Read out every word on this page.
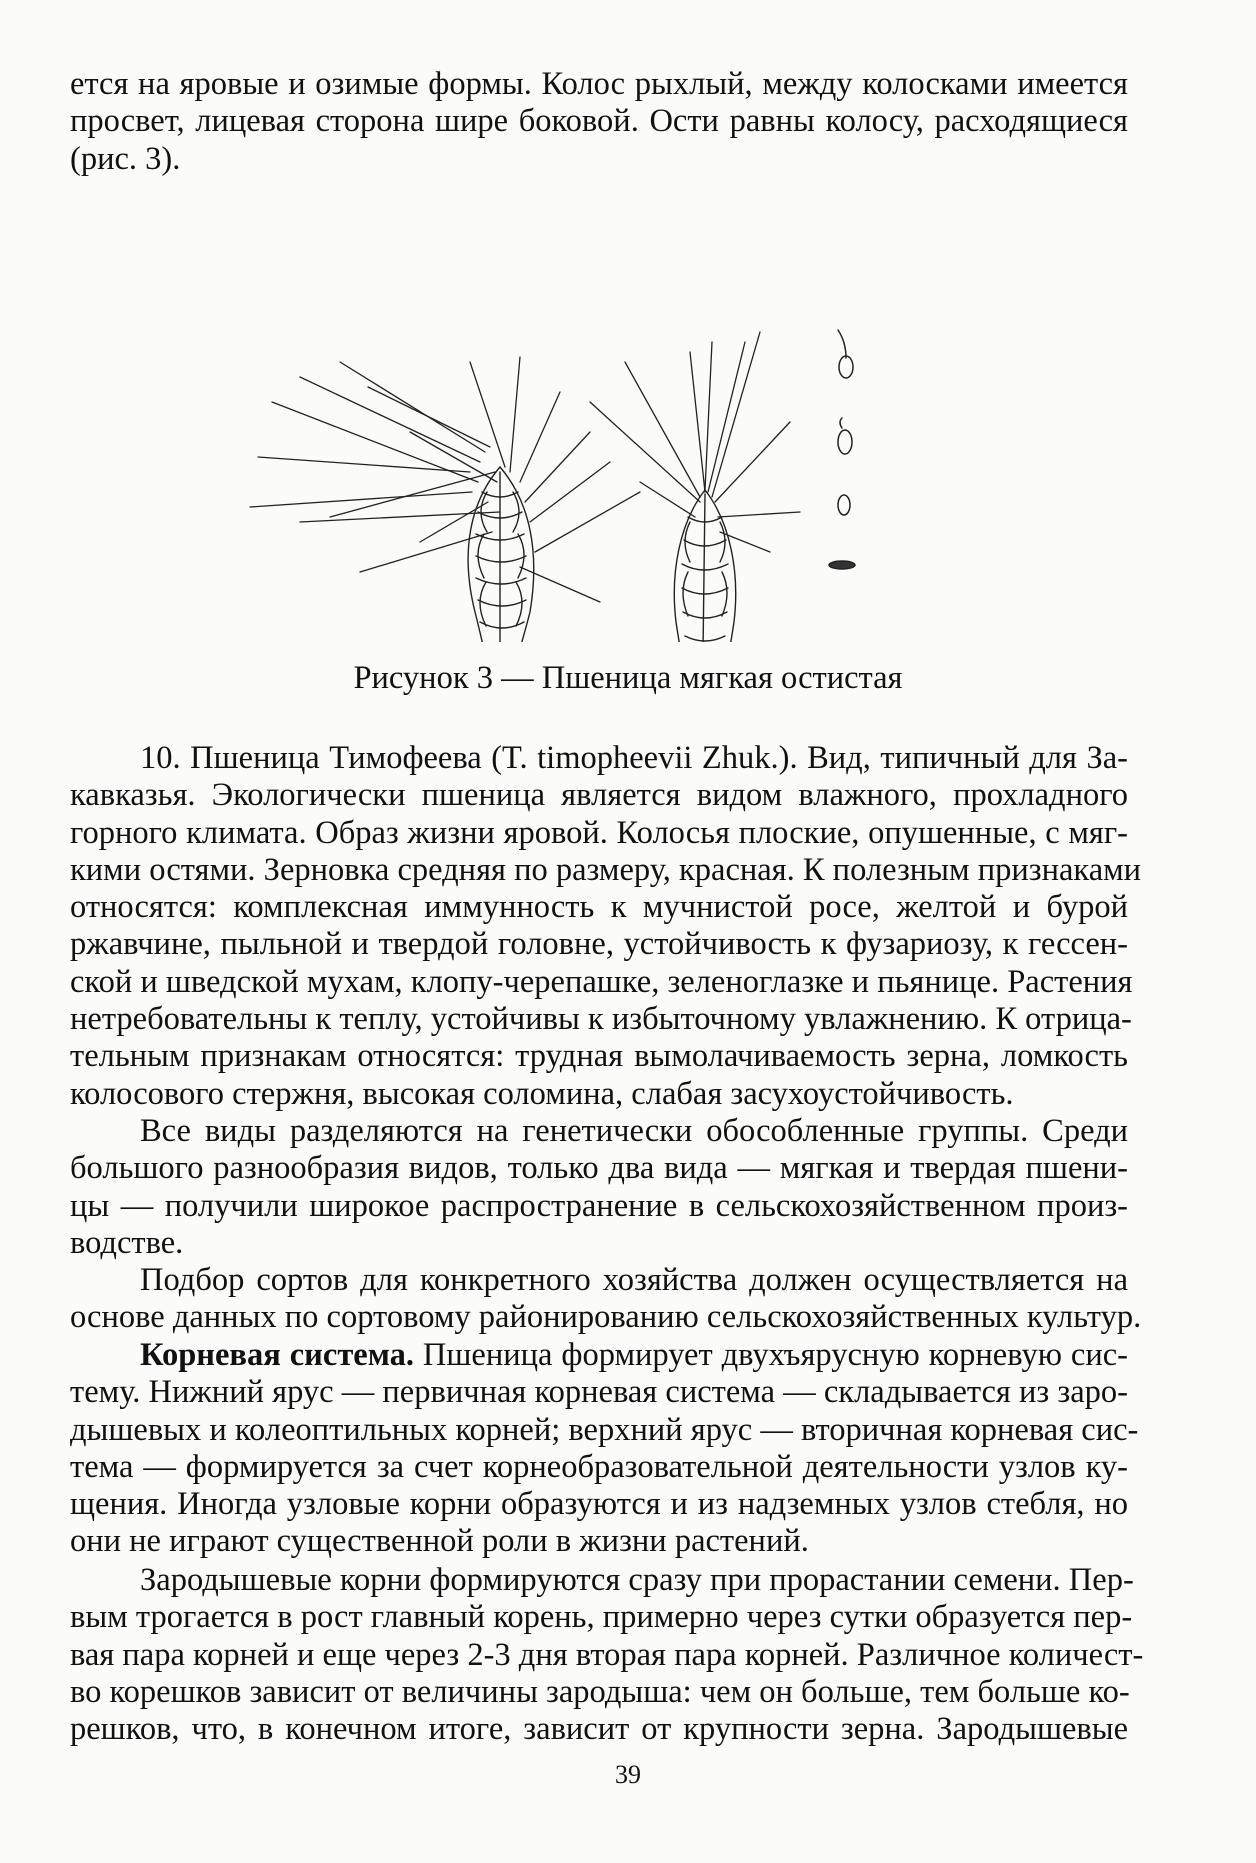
ется на яровые и озимые формы. Колос рыхлый, между колосками имеется
просвет, лицевая сторона шире боковой. Ости равны колосу, расходящиеся
(рис. 3).

Рисунок 3 — Пшеница мягкая остистая

10. Пшеница Тимофеева (T. timopheevii Zhuk.). Вид, типичный для За-
кавказья. Экологически пшеница является видом влажного, прохладного
горного климата. Образ жизни яровой. Колосья плоские, опушенные, с мяг-
кими остями. Зерновка средняя по размеру, красная. К полезным признаками
относятся: комплексная иммунность к мучнистой росе, желтой и бурой
ржавчине, пыльной и твердой головне, устойчивость к фузариозу, к гессен-
ской и шведской мухам, клопу-черепашке, зеленоглазке и пьянице. Растения
нетребовательны к теплу, устойчивы к избыточному увлажнению. К отрица-
тельным признакам относятся: трудная вымолачиваемость зерна, ломкость
колосового стержня, высокая соломина, слабая засухоустойчивость.

Все виды разделяются на генетически обособленные группы. Среди
большого разнообразия видов, только два вида — мягкая и твердая пшени-
цы — получили широкое распространение в сельскохозяйственном произ-
водстве.

Подбор сортов для конкретного хозяйства должен осуществляется на
основе данных по сортовому районированию сельскохозяйственных культур.

Корневая система. Пшеница формирует двухъярусную корневую сис-
тему. Нижний ярус — первичная корневая система — складывается из заро-
дышевых и колеоптильных корней; верхний ярус — вторичная корневая сис-
тема — формируется за счет корнеобразовательной деятельности узлов ку-
щения. Иногда узловые корни образуются и из надземных узлов стебля, но
они не играют существенной роли в жизни растений.

Зародышевые корни формируются сразу при прорастании семени. Пер-
вым трогается в рост главный корень, примерно через сутки образуется пер-
вая пара корней и еще через 2-3 дня вторая пара корней. Различное количест-
во корешков зависит от величины зародыша: чем он больше, тем больше ко-
решков, что, в конечном итоге, зависит от крупности зерна. Зародышевые

39
